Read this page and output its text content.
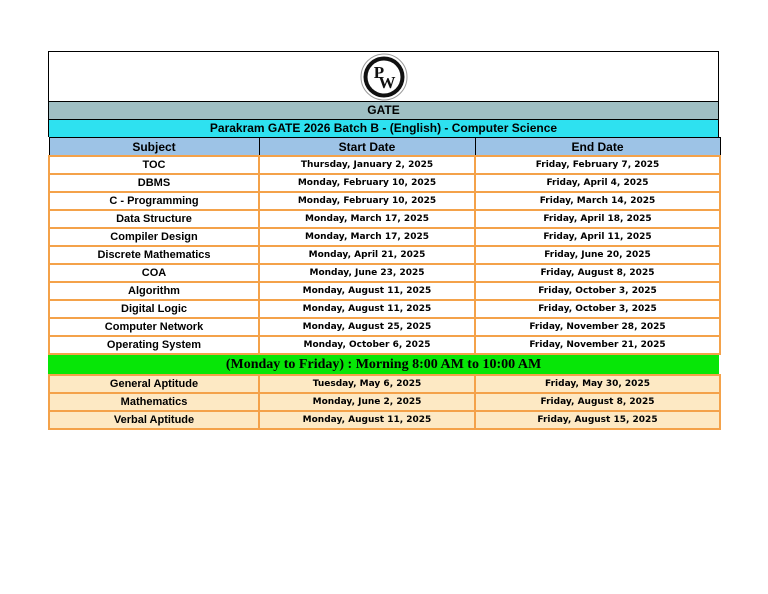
P
W
GATE
Parakram GATE 2026 Batch B - (English) - Computer Science
Subject	Start Date	End Date
TOC	Thursday, January 2, 2025	Friday, February 7, 2025
DBMS	Monday, February 10, 2025	Friday, April 4, 2025
C - Programming	Monday, February 10, 2025	Friday, March 14, 2025
Data Structure	Monday, March 17, 2025	Friday, April 18, 2025
Compiler Design	Monday, March 17, 2025	Friday, April 11, 2025
Discrete Mathematics	Monday, April 21, 2025	Friday, June 20, 2025
COA	Monday, June 23, 2025	Friday, August 8, 2025
Algorithm	Monday, August 11, 2025	Friday, October 3, 2025
Digital Logic	Monday, August 11, 2025	Friday, October 3, 2025
Computer Network	Monday, August 25, 2025	Friday, November 28, 2025
Operating System	Monday, October 6, 2025	Friday, November 21, 2025
(Monday to Friday) : Morning 8:00 AM to 10:00 AM
General Aptitude	Tuesday, May 6, 2025	Friday, May 30, 2025
Mathematics	Monday, June 2, 2025	Friday, August 8, 2025
Verbal Aptitude	Monday, August 11, 2025	Friday, August 15, 2025
